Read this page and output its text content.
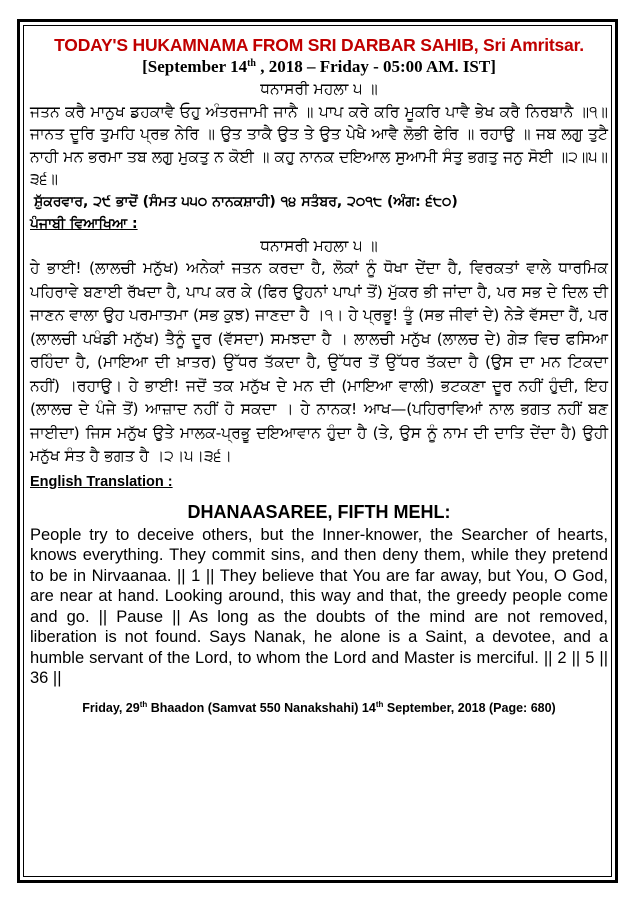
TODAY'S HUKAMNAMA FROM SRI DARBAR SAHIB, Sri Amritsar.
[September 14th , 2018 – Friday - 05:00 AM. IST]
ਧਨਾਸਰੀ ਮਹਲਾ ੫ ॥
ਜਤਨ ਕਰੈ ਮਾਨੁਖ ਡਹਕਾਵੈ ਓਹੁ ਅੰਤਰਜਾਮੀ ਜਾਨੈ ॥ ਪਾਪ ਕਰੇ ਕਰਿ ਮੂਕਰਿ ਪਾਵੈ ਭੇਖ ਕਰੈ ਨਿਰਬਾਨੈ ॥੧॥ ਜਾਨਤ ਦੂਰਿ ਤੁਮਹਿ ਪ੍ਰਭ ਨੇਰਿ ॥ ਉਤ ਤਾਕੈ ਉਤ ਤੇ ਉਤ ਪੇਖੈ ਆਵੈ ਲੋਭੀ ਫੇਰਿ ॥ ਰਹਾਉ ॥ ਜਬ ਲਗੁ ਤੁਟੈ ਨਾਹੀ ਮਨ ਭਰਮਾ ਤਬ ਲਗੁ ਮੁਕਤੁ ਨ ਕੋਈ ॥ ਕਹੁ ਨਾਨਕ ਦਇਆਲ ਸੁਆਮੀ ਸੰਤੁ ਭਗਤੁ ਜਨੁ ਸੋਈ ॥੨॥੫॥੩੬॥
ਸ਼ੁੱਕਰਵਾਰ, ੨੯ ਭਾਦੋਂ (ਸੰਮਤ ੫੫੦ ਨਾਨਕਸ਼ਾਹੀ) ੧੪ ਸਤੰਬਰ, ੨੦੧੮ (ਅੰਗ: ੬੮੦)
ਪੰਜਾਬੀ ਵਿਆਖਿਆ :
ਧਨਾਸਰੀ ਮਹਲਾ ੫ ॥
ਹੇ ਭਾਈ! (ਲਾਲਚੀ ਮਨੁੱਖ) ਅਨੇਕਾਂ ਜਤਨ ਕਰਦਾ ਹੈ, ਲੋਕਾਂ ਨੂੰ ਧੋਖਾ ਦੇਂਦਾ ਹੈ, ਵਿਰਕਤਾਂ ਵਾਲੇ ਧਾਰਮਿਕ ਪਹਿਰਾਵੇ ਬਣਾਈ ਰੱਖਦਾ ਹੈ, ਪਾਪ ਕਰ ਕੇ (ਫਿਰ ਉਹਨਾਂ ਪਾਪਾਂ ਤੋਂ) ਮੁੱਕਰ ਭੀ ਜਾਂਦਾ ਹੈ, ਪਰ ਸਭ ਦੇ ਦਿਲ ਦੀ ਜਾਣਨ ਵਾਲਾ ਉਹ ਪਰਮਾਤਮਾ (ਸਭ ਕੁਝ) ਜਾਣਦਾ ਹੈ ।੧। ਹੇ ਪ੍ਰਭੂ! ਤੂੰ (ਸਭ ਜੀਵਾਂ ਦੇ) ਨੇੜੇ ਵੱਸਦਾ ਹੈਂ, ਪਰ (ਲਾਲਚੀ ਪਖੰਡੀ ਮਨੁੱਖ) ਤੈਨੂੰ ਦੂਰ (ਵੱਸਦਾ) ਸਮਝਦਾ ਹੈ । ਲਾਲਚੀ ਮਨੁੱਖ (ਲਾਲਚ ਦੇ) ਗੇੜ ਵਿਚ ਫਸਿਆ ਰਹਿੰਦਾ ਹੈ, (ਮਾਇਆ ਦੀ ਖ਼ਾਤਰ) ਉੱਧਰ ਤੱਕਦਾ ਹੈ, ਉੱਧਰ ਤੋਂ ਉੱਧਰ ਤੱਕਦਾ ਹੈ (ਉਸ ਦਾ ਮਨ ਟਿਕਦਾ ਨਹੀਂ) ।ਰਹਾਉ। ਹੇ ਭਾਈ! ਜਦੋਂ ਤਕ ਮਨੁੱਖ ਦੇ ਮਨ ਦੀ (ਮਾਇਆ ਵਾਲੀ) ਭਟਕਣਾ ਦੂਰ ਨਹੀਂ ਹੁੰਦੀ, ਇਹ (ਲਾਲਚ ਦੇ ਪੰਜੇ ਤੋਂ) ਆਜ਼ਾਦ ਨਹੀਂ ਹੋ ਸਕਦਾ । ਹੇ ਨਾਨਕ! ਆਖ—(ਪਹਿਰਾਵਿਆਂ ਨਾਲ ਭਗਤ ਨਹੀਂ ਬਣ ਜਾਈਦਾ) ਜਿਸ ਮਨੁੱਖ ਉਤੇ ਮਾਲਕ-ਪ੍ਰਭੂ ਦਇਆਵਾਨ ਹੁੰਦਾ ਹੈ (ਤੇ, ਉਸ ਨੂੰ ਨਾਮ ਦੀ ਦਾਤਿ ਦੇਂਦਾ ਹੈ) ਉਹੀ ਮਨੁੱਖ ਸੰਤ ਹੈ ਭਗਤ ਹੈ ।੨।੫।੩੬।
English Translation :
DHANAASAREE, FIFTH MEHL:
People try to deceive others, but the Inner-knower, the Searcher of hearts, knows everything. They commit sins, and then deny them, while they pretend to be in Nirvaanaa. || 1 || They believe that You are far away, but You, O God, are near at hand. Looking around, this way and that, the greedy people come and go. || Pause || As long as the doubts of the mind are not removed, liberation is not found. Says Nanak, he alone is a Saint, a devotee, and a humble servant of the Lord, to whom the Lord and Master is merciful. || 2 || 5 || 36 ||
Friday, 29th Bhaadon (Samvat 550 Nanakshahi) 14th September, 2018 (Page: 680)
